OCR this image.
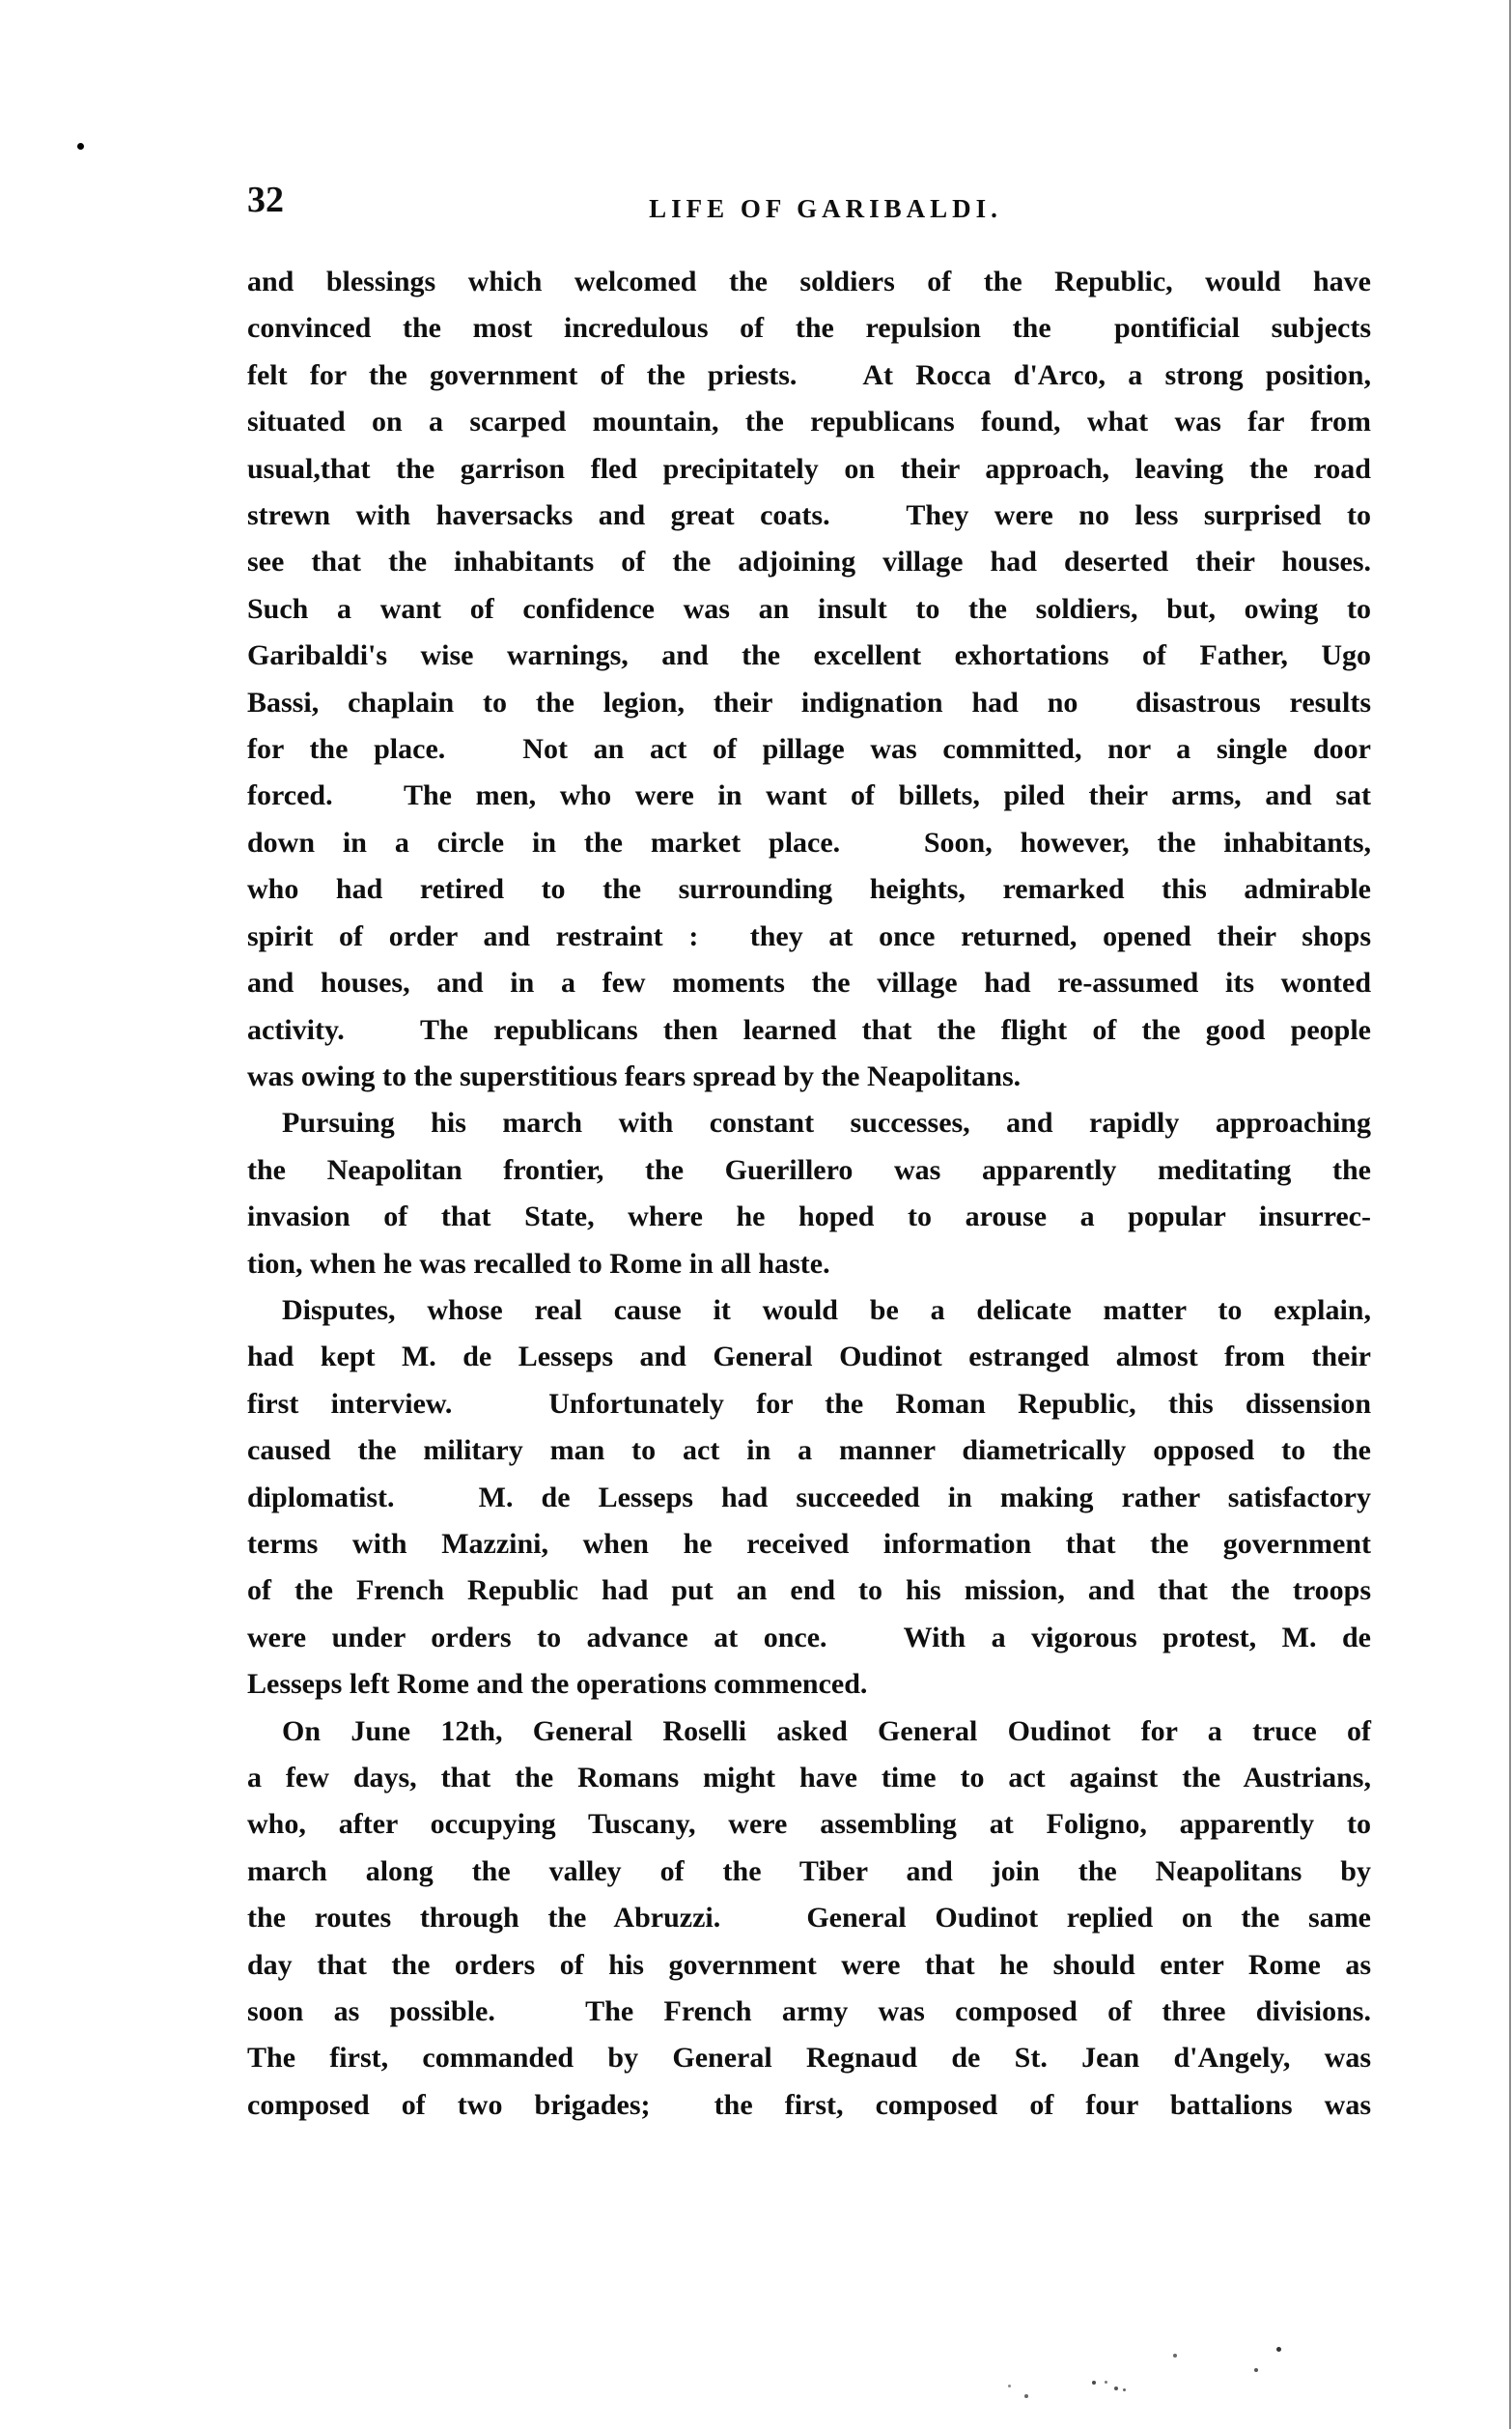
32	LIFE OF GARIBALDI.
and blessings which welcomed the soldiers of the Republic, would have
convinced the most incredulous of the repulsion the  pontificial subjects
felt for the government of the priests.   At Rocca d'Arco, a strong position,
situated on a scarped mountain, the republicans found, what was far from
usual,that the garrison fled precipitately on their approach, leaving the road
strewn with haversacks and great coats.   They were no less surprised to
see that the inhabitants of the adjoining village had deserted their houses.
Such a want of confidence was an insult to the soldiers, but, owing to
Garibaldi's wise warnings, and the excellent exhortations of Father, Ugo
Bassi, chaplain to the legion, their indignation had no  disastrous results
for the place.   Not an act of pillage was committed, nor a single door
forced.   The men, who were in want of billets, piled their arms, and sat
down in a circle in the market place.   Soon, however, the inhabitants,
who had retired to the surrounding heights, remarked this admirable
spirit of order and restraint :  they at once returned, opened their shops
and houses, and in a few moments the village had re-assumed its wonted
activity.   The republicans then learned that the flight of the good people
was owing to the superstitious fears spread by the Neapolitans.
Pursuing his march with constant successes, and rapidly approaching
the Neapolitan frontier, the Guerillero was apparently meditating the
invasion of that State, where he hoped to arouse a popular insurrec-
tion, when he was recalled to Rome in all haste.
Disputes, whose real cause it would be a delicate matter to explain,
had kept M. de Lesseps and General Oudinot estranged almost from their
first interview.   Unfortunately for the Roman Republic, this dissension
caused the military man to act in a manner diametrically opposed to the
diplomatist.   M. de Lesseps had succeeded in making rather satisfactory
terms with Mazzini, when he received information that the government
of the French Republic had put an end to his mission, and that the troops
were under orders to advance at once.   With a vigorous protest, M. de
Lesseps left Rome and the operations commenced.
On June 12th, General Roselli asked General Oudinot for a truce of
a few days, that the Romans might have time to act against the Austrians,
who, after occupying Tuscany, were assembling at Foligno, apparently to
march along the valley of the Tiber and join the Neapolitans by
the routes through the Abruzzi.   General Oudinot replied on the same
day that the orders of his government were that he should enter Rome as
soon as possible.   The French army was composed of three divisions.
The first, commanded by General Regnaud de St. Jean d'Angely, was
composed of two brigades;  the first, composed of four battalions was
